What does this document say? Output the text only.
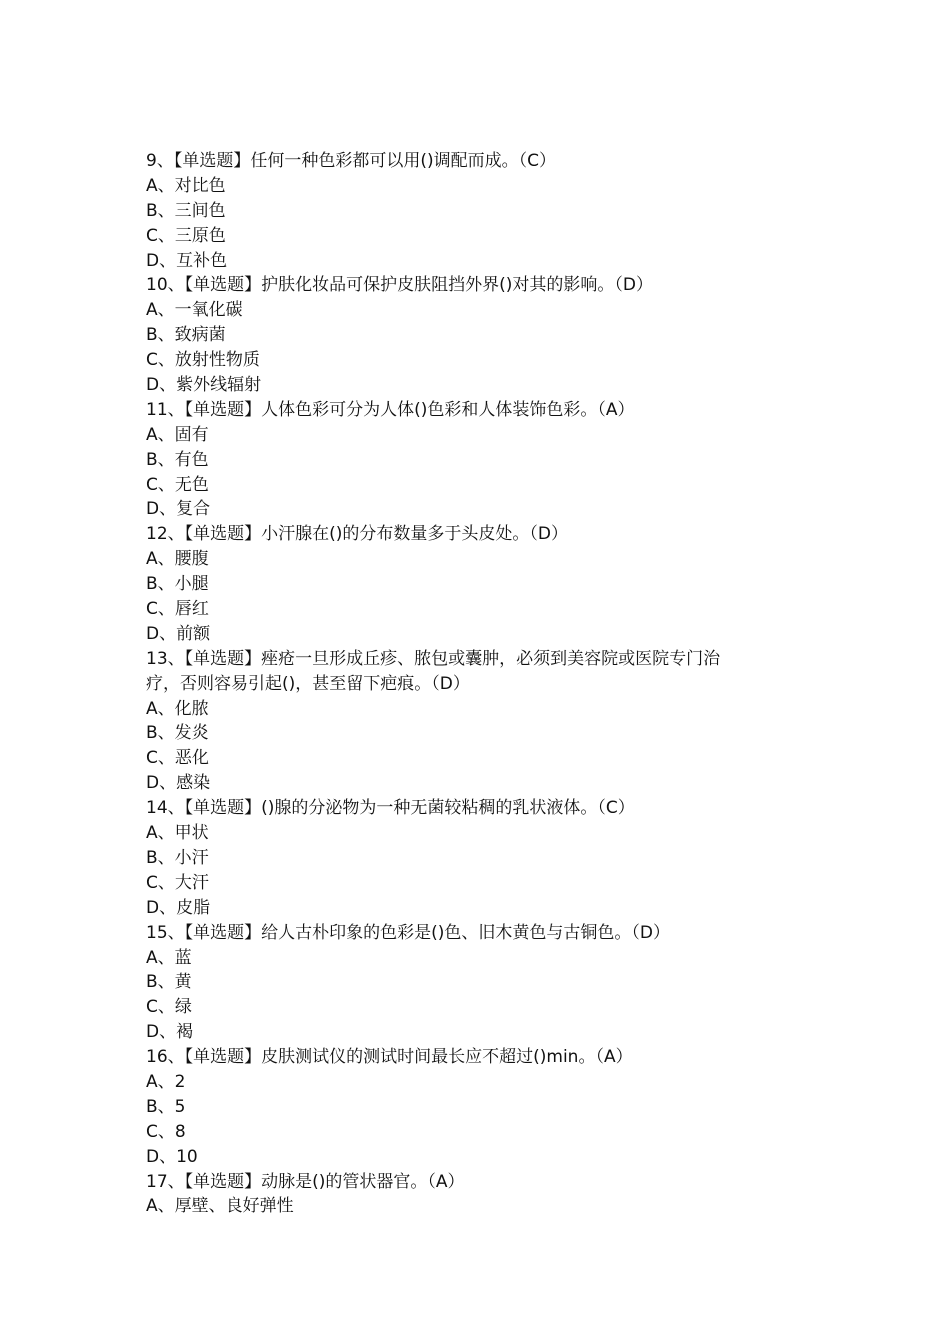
9、【单选题】任何一种色彩都可以用()调配而成。（C）
A、对比色
B、三间色
C、三原色
D、互补色
10、【单选题】护肤化妆品可保护皮肤阻挡外界()对其的影响。（D）
A、一氧化碳
B、致病菌
C、放射性物质
D、紫外线辐射
11、【单选题】人体色彩可分为人体()色彩和人体装饰色彩。（A）
A、固有
B、有色
C、无色
D、复合
12、【单选题】小汗腺在()的分布数量多于头皮处。（D）
A、腰腹
B、小腿
C、唇红
D、前额
13、【单选题】痤疮一旦形成丘疹、脓包或囊肿，必须到美容院或医院专门治
疗，否则容易引起()，甚至留下疤痕。（D）
A、化脓
B、发炎
C、恶化
D、感染
14、【单选题】()腺的分泌物为一种无菌较粘稠的乳状液体。（C）
A、甲状
B、小汗
C、大汗
D、皮脂
15、【单选题】给人古朴印象的色彩是()色、旧木黄色与古铜色。（D）
A、蓝
B、黄
C、绿
D、褐
16、【单选题】皮肤测试仪的测试时间最长应不超过()min。（A）
A、2
B、5
C、8
D、10
17、【单选题】动脉是()的管状器官。（A）
A、厚壁、良好弹性
